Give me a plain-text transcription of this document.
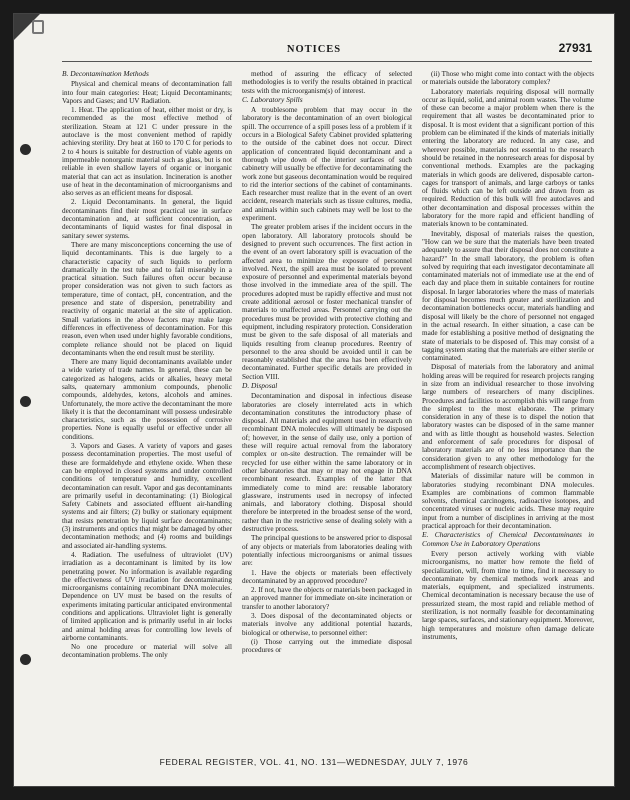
NOTICES	27931
B. Decontamination Methods

Physical and chemical means of decontamination fall into four main categories: Heat; Liquid Decontaminants; Vapors and Gases; and UV Radiation.

1. Heat. The application of heat, either moist or dry, is recommended as the most effective method of sterilization. Steam at 121 C under pressure in the autoclave is the most convenient method of rapidly achieving sterility. Dry heat at 160 to 170 C for periods to 2 to 4 hours is suitable for destruction of viable agents on impermeable nonorganic material such as glass, but is not reliable in even shallow layers of organic or inorganic material that can act as insulation. Incineration is another use of heat in the decontamination of microorganisms and also serves as an efficient means for disposal.

2. Liquid Decontaminants. In general, the liquid decontaminants find their most practical use in surface decontamination and, at sufficient concentration, as decontaminants of liquid wastes for final disposal in sanitary sewer systems.

There are many misconceptions concerning the use of liquid decontaminants. This is due largely to a characteristic capacity of such liquids to perform dramatically in the test tube and to fail miserably in a practical situation. Such failures often occur because proper consideration was not given to such factors as temperature, time of contact, pH, concentration, and the presence and state of dispersion, penetrability and reactivity of organic material at the site of application. Small variations in the above factors may make large differences in effectiveness of decontamination. For this reason, even when used under highly favorable conditions, complete reliance should not be placed on liquid decontaminants when the end result must be sterility.

There are many liquid decontaminants available under a wide variety of trade names. In general, these can be categorized as halogens, acids or alkalies, heavy metal salts, quaternary ammonium compounds, phenolic compounds, aldehydes, ketons, alcohols and amines. Unfortunately, the more active the decontaminant the more likely it is that the decontaminant will possess undesirable characteristics, such as the possession of corrosive properties. None is equally useful or effective under all conditions.

3. Vapors and Gases. A variety of vapors and gases possess decontamination properties. The most useful of these are formaldehyde and ethylene oxide. When these can be employed in closed systems and under controlled conditions of temperature and humidity, excellent decontamination can result. Vapor and gas decontaminants are primarily useful in decontaminating: (1) Biological Safety Cabinets and associated effluent air-handling systems and air filters; (2) bulky or stationary equipment that resists penetration by liquid surface decontaminants; (3) instruments and optics that might be damaged by other decontamination methods; and (4) rooms and buildings and associated air-handling systems.

4. Radiation. The usefulness of ultraviolet (UV) irradiation as a decontaminant is limited by its low penetrating power. No information is available regarding the effectiveness of UV irradiation for decontaminating microorganisms containing recombinant DNA molecules. Dependence on UV must be based on the results of experiments imitating particular anticipated environmental conditions and applications. Ultraviolet light is generally of limited application and is primarily useful in air locks and animal holding areas for controlling low levels of airborne contaminants.

No one procedure or material will solve all decontamination problems. The only

method of assuring the efficacy of selected methodologies is to verify the results obtained in practical tests with the microorganism(s) of interest.

C. Laboratory Spills

A troublesome problem that may occur in the laboratory is the decontamination of an overt biological spill. The occurrence of a spill poses less of a problem if it occurs in a Biological Safety Cabinet provided splattering to the outside of the cabinet does not occur. Direct application of concentrated liquid decontaminant and a thorough wipe down of the interior surfaces of such cabinetry will usually be effective for decontaminating the work zone but gaseous decontamination would be required to rid the interior sections of the cabinet of contaminants. Each researcher must realize that in the event of an overt accident, research materials such as tissue cultures, media, and animals within such cabinets may well be lost to the experiment.

The greater problem arises if the incident occurs in the open laboratory. All laboratory protocols should be designed to prevent such occurrences. The first action in the event of an overt laboratory spill is evacuation of the affected area to minimize the exposure of personnel involved. Next, the spill area must be isolated to prevent exposure of personnel and experimental materials beyond those involved in the immediate area of the spill. The procedures adopted must be rapidly effective and must not create additional aerosol or foster mechanical transfer of materials to unaffected areas. Personnel carrying out the procedures must be provided with protective clothing and equipment, including respiratory protection. Consideration must be given to the safe disposal of all materials and liquids resulting from cleanup procedures. Reentry of personnel to the area should be avoided until it can be reasonably established that the area has been effectively decontaminated. Further specific details are provided in Section VIII.

D. Disposal

Decontamination and disposal in infectious disease laboratories are closely interrelated acts in which decontamination constitutes the introductory phase of disposal. All materials and equipment used in research on recombinant DNA molecules will ultimately be disposed of; however, in the sense of daily use, only a portion of these will require actual removal from the laboratory complex or on-site destruction. The remainder will be recycled for use either within the same laboratory or in other laboratories that may or may not engage in DNA recombinant research. Examples of the latter that immediately come to mind are: reusable laboratory glassware, instruments used in necropsy of infected animals, and laboratory clothing. Disposal should therefore be interpreted in the broadest sense of the word, rather than in the restrictive sense of dealing solely with a destructive process.

The principal questions to be answered prior to disposal of any objects or materials from laboratories dealing with potentially infectious microorganisms or animal tissues are:

1. Have the objects or materials been effectively decontaminated by an approved procedure?

2. If not, have the objects or materials been packaged in an approved manner for immediate on-site incineration or transfer to another laboratory?

3. Does disposal of the decontaminated objects or materials involve any additional potential hazards, biological or otherwise, to personnel either:

(i) Those carrying out the immediate disposal procedures or

(ii) Those who might come into contact with the objects or materials outside the laboratory complex?

Laboratory materials requiring disposal will normally occur as liquid, solid, and animal room wastes. The volume of these can become a major problem when there is the requirement that all wastes be decontaminated prior to disposal. It is most evident that a significant portion of this problem can be eliminated if the kinds of materials initially entering the laboratory are reduced. In any case, and wherever possible, materials not essential to the research should be retained in the nonresearch areas for disposal by conventional methods. Examples are the packaging materials in which goods are delivered, disposable carton-cages for transport of animals, and large carboys or tanks of fluids which can be left outside and drawn from as required. Reduction of this bulk will free autoclaves and other decontamination and disposal processes within the laboratory for the more rapid and efficient handling of materials known to be contaminated.

Inevitably, disposal of materials raises the question, "How can we be sure that the materials have been treated adequately to assure that their disposal does not constitute a hazard?" In the small laboratory, the problem is often solved by requiring that each investigator decontaminate all contaminated materials not of immediate use at the end of each day and place them in suitable containers for routine disposal. In larger laboratories where the mass of materials for disposal becomes much greater and sterilization and decontamination bottlenecks occur, materials handling and disposal will likely be the chore of personnel not engaged in the actual research. In either situation, a case can be made for establishing a positive method of designating the state of materials to be disposed of. This may consist of a tagging system stating that the materials are either sterile or contaminated.

Disposal of materials from the laboratory and animal holding areas will be required for research projects ranging in size from an individual researcher to those involving large numbers of researchers of many disciplines. Procedures and facilities to accomplish this will range from the simplest to the most elaborate. The primary consideration in any of these is to dispel the notion that laboratory wastes can be disposed of in the same manner and with as little thought as household wastes. Selection and enforcement of safe procedures for disposal of laboratory materials are of no less importance than the consideration given to any other methodology for the accomplishment of research objectives.

Materials of dissimilar nature will be common in laboratories studying recombinant DNA molecules. Examples are combinations of common flammable solvents, chemical carcinogens, radioactive isotopes, and concentrated viruses or nucleic acids. These may require input from a number of disciplines in arriving at the most practical approach for their decontamination.

E. Characteristics of Chemical Decontaminants in Common Use in Laboratory Operations

Every person actively working with viable microorganisms, no matter how remote the field of specialization, will, from time to time, find it necessary to decontaminate by chemical methods work areas and materials, equipment, and specialized instruments. Chemical decontamination is necessary because the use of pressurized steam, the most rapid and reliable method of sterilization, is not normally feasible for decontaminating large spaces, surfaces, and stationary equipment. Moreover, high temperatures and moisture often damage delicate instruments,

FEDERAL REGISTER, VOL. 41, NO. 131—WEDNESDAY, JULY 7, 1976
